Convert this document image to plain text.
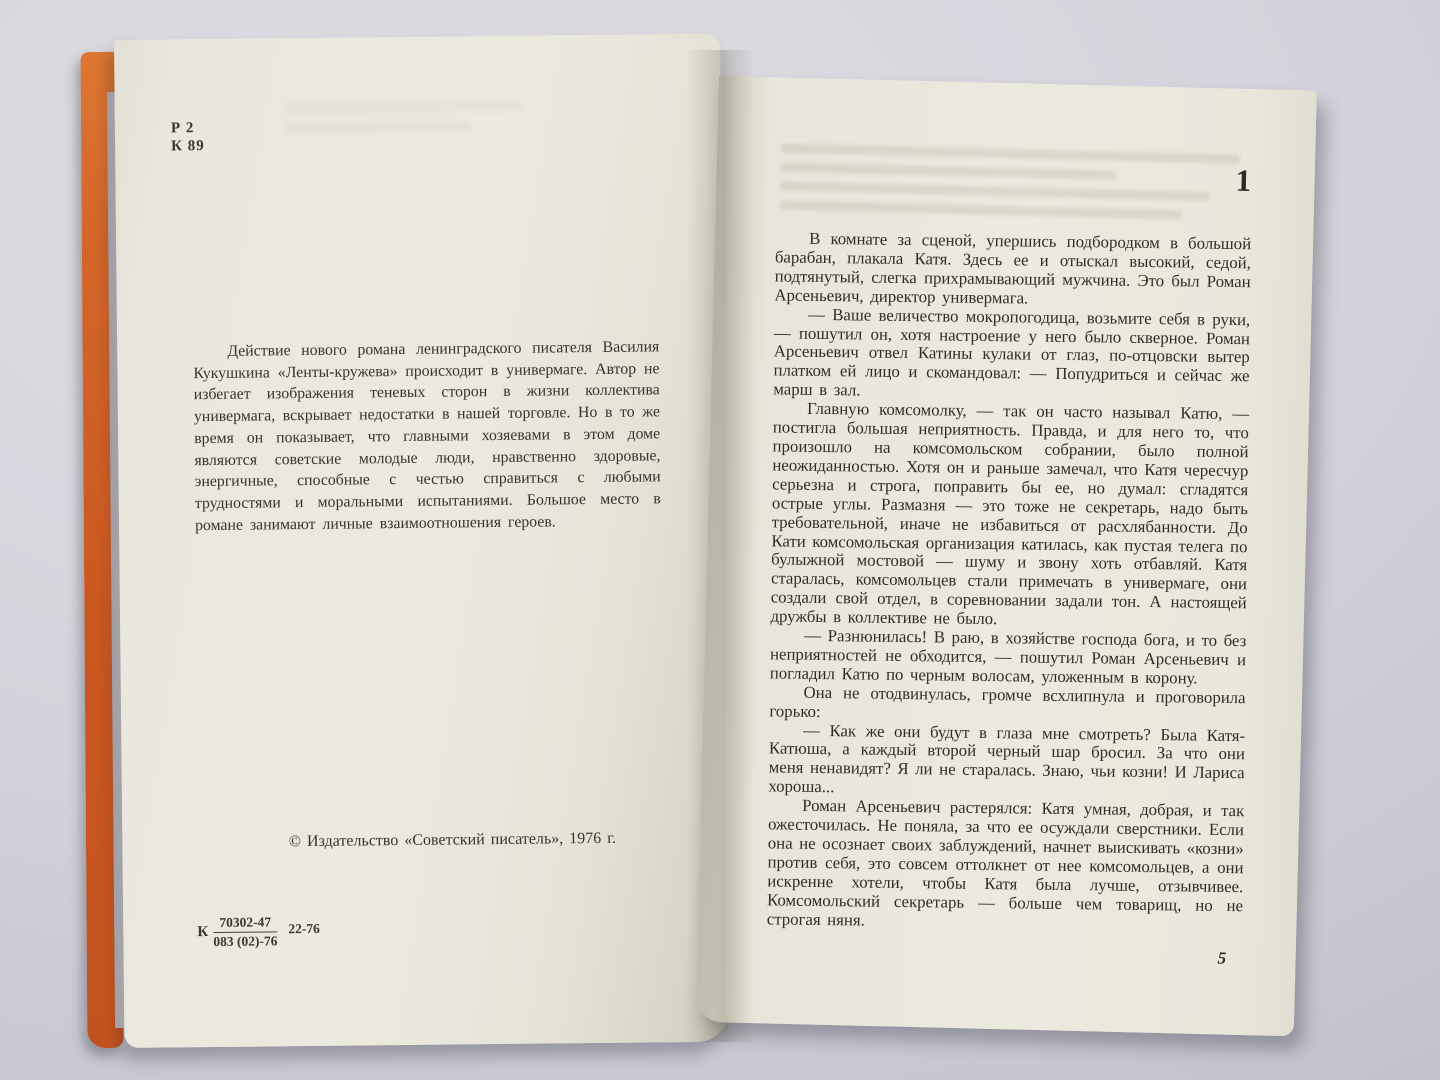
Р 2
К 89

Действие нового романа ленинградского писателя Василия Кукушкина «Ленты-кружева» происходит в универмаге. Автор не избегает изображения теневых сторон в жизни коллектива универмага, вскрывает недостатки в нашей торговле. Но в то же время он показывает, что главными хозяевами в этом доме являются советские молодые люди, нравственно здоровые, энергичные, способные с честью справиться с любыми трудностями и моральными испытаниями. Большое место в романе занимают личные взаимоотношения героев.

© Издательство «Советский писатель», 1976 г.
К $\frac{70302-47}{083 (02)-76} 22-76$
1

В комнате за сценой, упершись подбородком в большой барабан, плакала Катя. Здесь ее и отыскал высокий, седой, подтянутый, слегка прихрамывающий мужчина. Это был Роман Арсеньевич, директор универмага.

— Ваше величество мокропогодица, возьмите себя в руки, — пошутил он, хотя настроение у него было скверное. Роман Арсеньевич отвел Катины кулаки от глаз, по-отцовски вытер платком ей лицо и скомандовал: — Попудриться и сейчас же марш в зал.

Главную комсомолку, — так он часто называл Катю, — постигла большая неприятность. Правда, и для него то, что произошло на комсомольском собрании, было полной неожиданностью. Хотя он и раньше замечал, что Катя чересчур серьезна и строга, поправить бы ее, но думал: сгладятся острые углы. Размазня — это тоже не секретарь, надо быть требовательной, иначе не избавиться от расхлябанности. До Кати комсомольская организация катилась, как пустая телега по булыжной мостовой — шуму и звону хоть отбавляй. Катя старалась, комсомольцев стали примечать в универмаге, они создали свой отдел, в соревновании задали тон. А настоящей дружбы в коллективе не было.

— Разнюнилась! В раю, в хозяйстве господа бога, и то без неприятностей не обходится, — пошутил Роман Арсеньевич и погладил Катю по черным волосам, уложенным в корону.

Она не отодвинулась, громче всхлипнула и проговорила горько:

— Как же они будут в глаза мне смотреть? Была Катя-Катюша, а каждый второй черный шар бросил. За что они меня ненавидят? Я ли не старалась. Знаю, чьи козни! И Лариса хороша...

Роман Арсеньевич растерялся: Катя умная, добрая, и так ожесточилась. Не поняла, за что ее осуждали сверстники. Если она не осознает своих заблуждений, начнет выискивать «козни» против себя, это совсем оттолкнет от нее комсомольцев, а они искренне хотели, чтобы Катя была лучше, отзывчивее. Комсомольский секретарь — больше чем товарищ, но не строгая няня.

5
